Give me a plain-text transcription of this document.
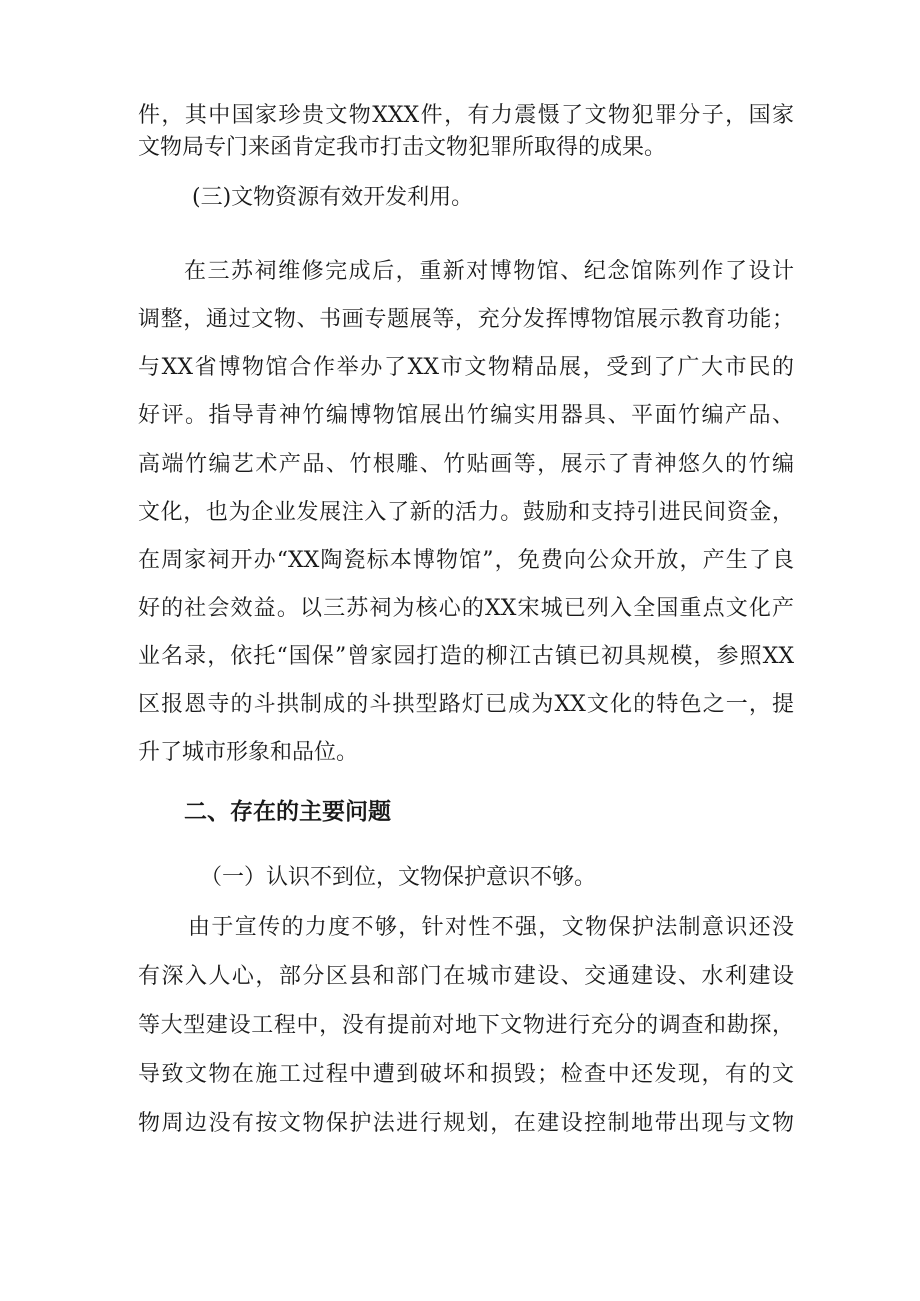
件，其中国家珍贵文物XXX件，有力震慑了文物犯罪分子，国家
文物局专门来函肯定我市打击文物犯罪所取得的成果。
(三)文物资源有效开发利用。
在三苏祠维修完成后，重新对博物馆、纪念馆陈列作了设计
调整，通过文物、书画专题展等，充分发挥博物馆展示教育功能；
与XX省博物馆合作举办了XX市文物精品展，受到了广大市民的
好评。指导青神竹编博物馆展出竹编实用器具、平面竹编产品、
高端竹编艺术产品、竹根雕、竹贴画等，展示了青神悠久的竹编
文化，也为企业发展注入了新的活力。鼓励和支持引进民间资金，
在周家祠开办“XX陶瓷标本博物馆”，免费向公众开放，产生了良
好的社会效益。以三苏祠为核心的XX宋城已列入全国重点文化产
业名录，依托“国保”曾家园打造的柳江古镇已初具规模，参照XX
区报恩寺的斗拱制成的斗拱型路灯已成为XX文化的特色之一，提
升了城市形象和品位。
二、存在的主要问题
（一）认识不到位，文物保护意识不够。
由于宣传的力度不够，针对性不强，文物保护法制意识还没
有深入人心，部分区县和部门在城市建设、交通建设、水利建设
等大型建设工程中，没有提前对地下文物进行充分的调查和勘探，
导致文物在施工过程中遭到破坏和损毁；检查中还发现，有的文
物周边没有按文物保护法进行规划，在建设控制地带出现与文物
